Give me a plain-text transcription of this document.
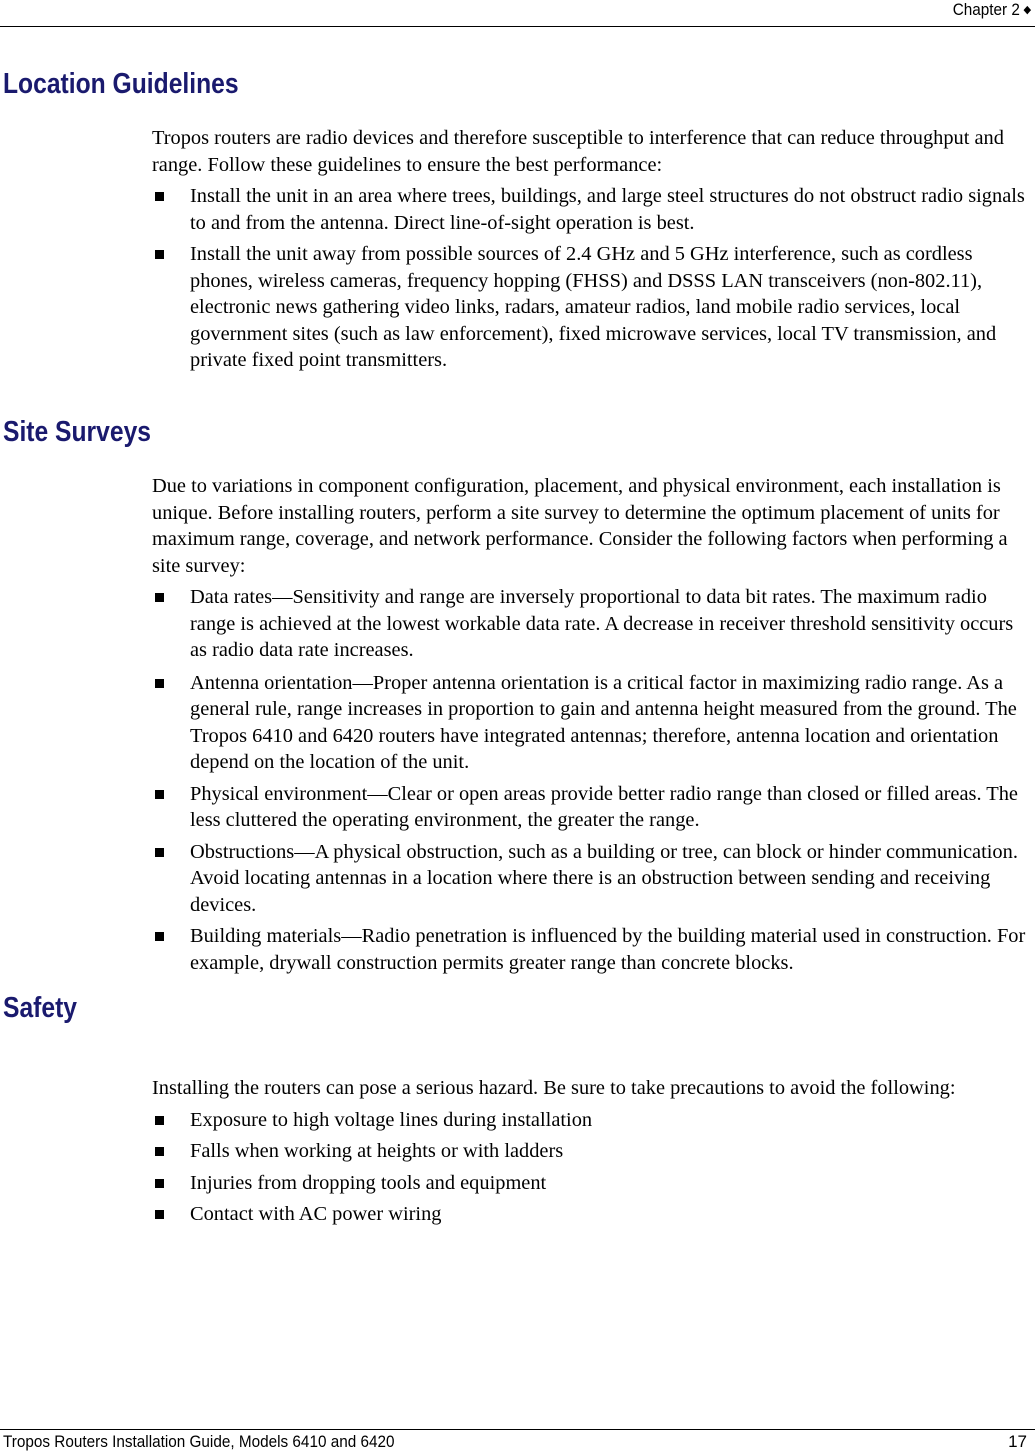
Chapter 2 ◆
Location Guidelines

Tropos routers are radio devices and therefore susceptible to interference that can reduce throughput and range. Follow these guidelines to ensure the best performance:

Install the unit in an area where trees, buildings, and large steel structures do not obstruct radio signals to and from the antenna. Direct line-of-sight operation is best.
Install the unit away from possible sources of 2.4 GHz and 5 GHz interference, such as cordless phones, wireless cameras, frequency hopping (FHSS) and DSSS LAN transceivers (non-802.11), electronic news gathering video links, radars, amateur radios, land mobile radio services, local government sites (such as law enforcement), fixed microwave services, local TV transmission, and private fixed point transmitters.
Site Surveys

Due to variations in component configuration, placement, and physical environment, each installation is unique. Before installing routers, perform a site survey to determine the optimum placement of units for maximum range, coverage, and network performance. Consider the following factors when performing a site survey:

Data rates—Sensitivity and range are inversely proportional to data bit rates. The maximum radio range is achieved at the lowest workable data rate. A decrease in receiver threshold sensitivity occurs as radio data rate increases.
Antenna orientation—Proper antenna orientation is a critical factor in maximizing radio range. As a general rule, range increases in proportion to gain and antenna height measured from the ground. The Tropos 6410 and 6420 routers have integrated antennas; therefore, antenna location and orientation depend on the location of the unit.
Physical environment—Clear or open areas provide better radio range than closed or filled areas. The less cluttered the operating environment, the greater the range.
Obstructions—A physical obstruction, such as a building or tree, can block or hinder communication. Avoid locating antennas in a location where there is an obstruction between sending and receiving devices.
Building materials—Radio penetration is influenced by the building material used in construction. For example, drywall construction permits greater range than concrete blocks.
Safety

Installing the routers can pose a serious hazard. Be sure to take precautions to avoid the following:

Exposure to high voltage lines during installation
Falls when working at heights or with ladders
Injuries from dropping tools and equipment
Contact with AC power wiring
Tropos Routers Installation Guide, Models 6410 and 6420	17
